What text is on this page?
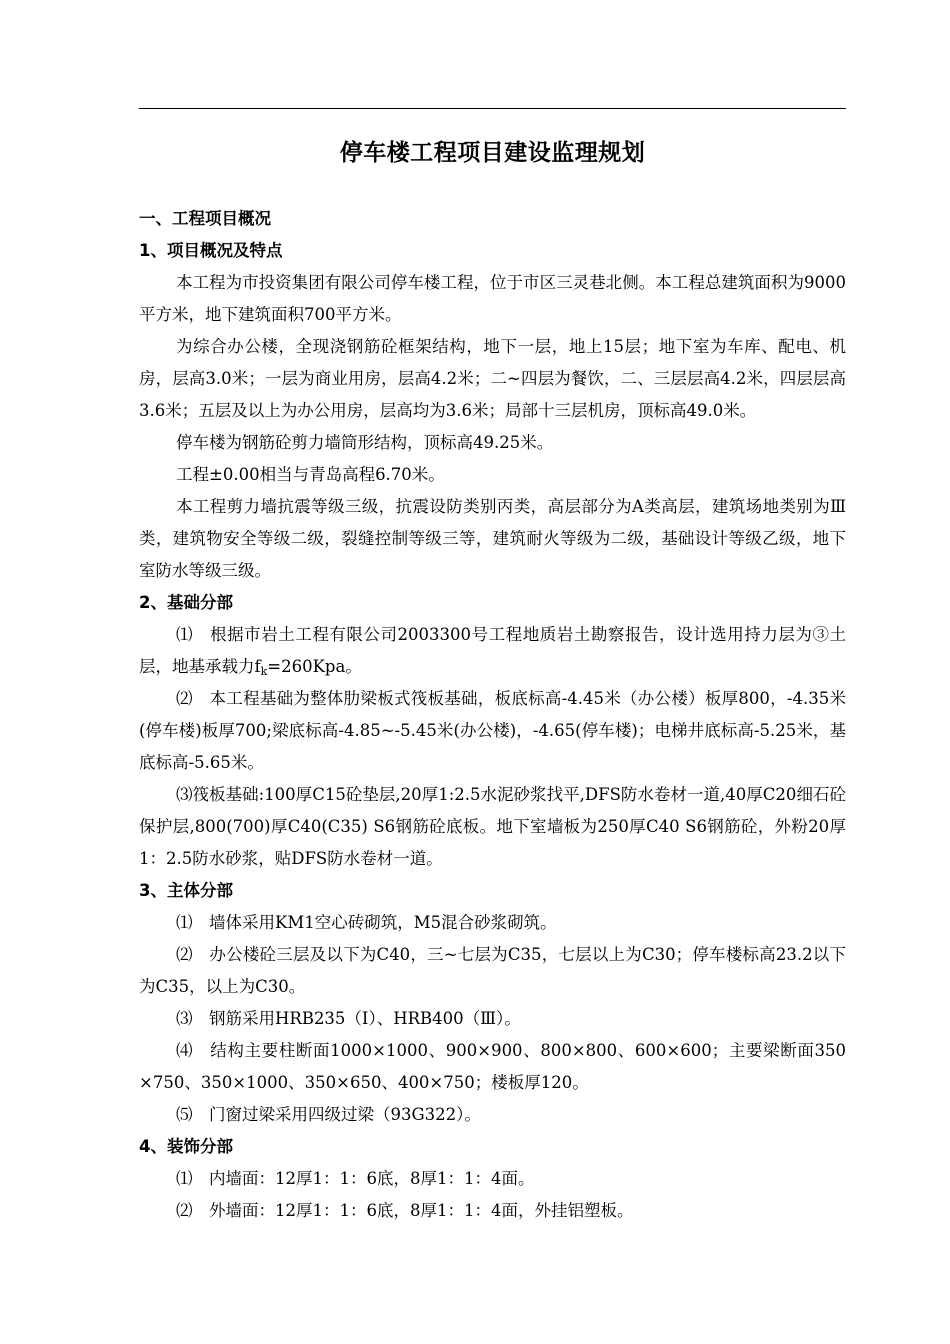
停车楼工程项目建设监理规划
一、工程项目概况
1、项目概况及特点

本工程为市投资集团有限公司停车楼工程，位于市区三灵巷北侧。本工程总建筑面积为9000平方米，地下建筑面积700平方米。

为综合办公楼，全现浇钢筋砼框架结构，地下一层，地上15层；地下室为车库、配电、机房，层高3.0米；一层为商业用房，层高4.2米；二~四层为餐饮，二、三层层高4.2米，四层层高3.6米；五层及以上为办公用房，层高均为3.6米；局部十三层机房，顶标高49.0米。

停车楼为钢筋砼剪力墙筒形结构，顶标高49.25米。

工程±0.00相当与青岛高程6.70米。

本工程剪力墙抗震等级三级，抗震设防类别丙类，高层部分为A类高层，建筑场地类别为Ⅲ类，建筑物安全等级二级，裂缝控制等级三等，建筑耐火等级为二级，基础设计等级乙级，地下室防水等级三级。

2、基础分部

⑴　根据市岩土工程有限公司2003300号工程地质岩土勘察报告，设计选用持力层为③土层，地基承载力$f_k=260Kpa$。

⑵　本工程基础为整体肋梁板式筏板基础，板底标高-4.45米（办公楼）板厚800，-4.35米(停车楼)板厚700;梁底标高-4.85~-5.45米(办公楼)，-4.65(停车楼)；电梯井底标高-5.25米，基底标高-5.65米。

⑶筏板基础:100厚C15砼垫层,20厚1:2.5水泥砂浆找平,DFS防水卷材一道,40厚C20细石砼保护层,800(700)厚C40(C35) S6钢筋砼底板。地下室墙板为250厚C40 S6钢筋砼，外粉20厚1：2.5防水砂浆，贴DFS防水卷材一道。

3、主体分部

⑴　墙体采用KM1空心砖砌筑，M5混合砂浆砌筑。

⑵　办公楼砼三层及以下为C40，三~七层为C35，七层以上为C30；停车楼标高23.2以下为C35，以上为C30。

⑶　钢筋采用HRB235（Ⅰ）、HRB400（Ⅲ）。

⑷　结构主要柱断面1000×1000、900×900、800×800、600×600；主要梁断面350×750、350×1000、350×650、400×750；楼板厚120。

⑸　门窗过梁采用四级过梁（93G322）。

4、装饰分部

⑴　内墙面：12厚1：1：6底，8厚1：1：4面。

⑵　外墙面：12厚1：1：6底，8厚1：1：4面，外挂铝塑板。
